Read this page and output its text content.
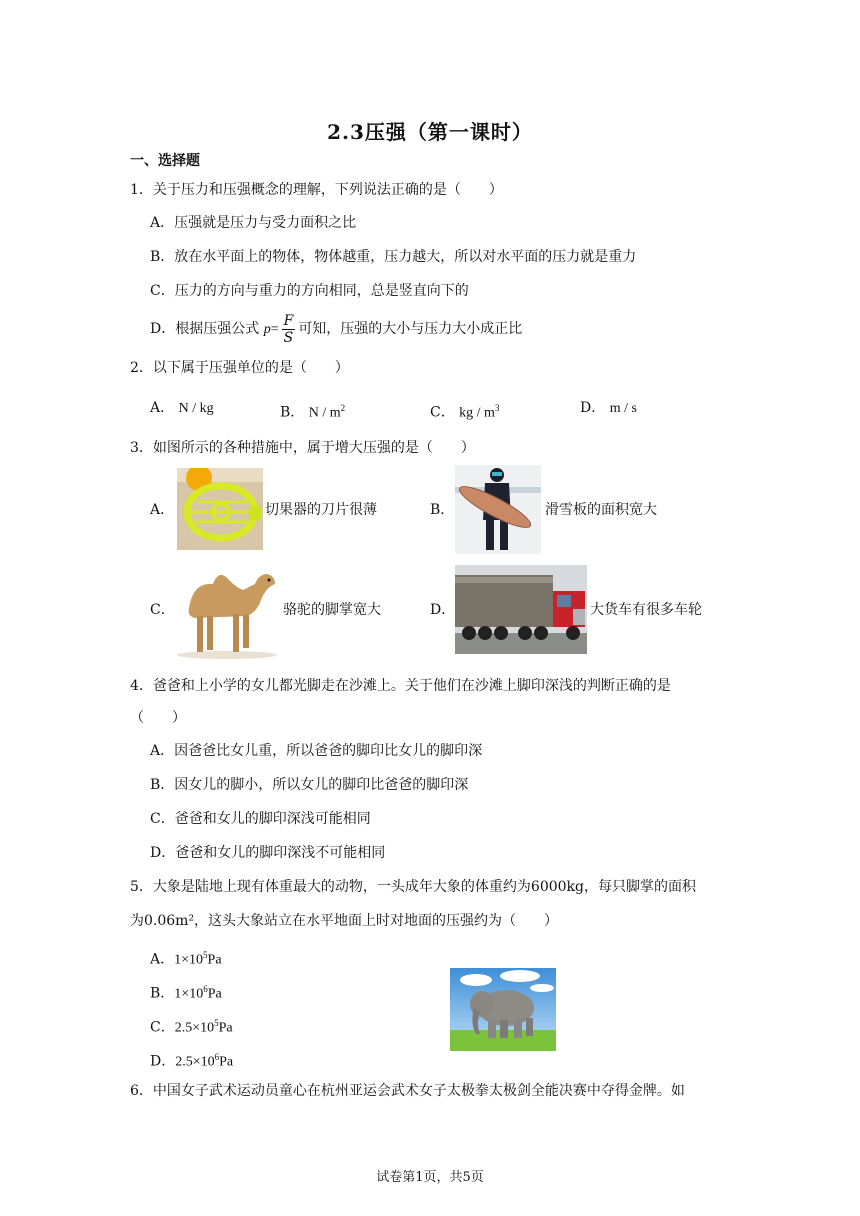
2.3压强（第一课时）
一、选择题
1．关于压力和压强概念的理解，下列说法正确的是（　　）
A．压强就是压力与受力面积之比
B．放在水平面上的物体，物体越重，压力越大，所以对水平面的压力就是重力
C．压力的方向与重力的方向相同，总是竖直向下的
D．根据压强公式 $p= \frac{F}{S}$ 可知，压强的大小与压力大小成正比
2．以下属于压强单位的是（　　）
A． N / kg	B． N / $m^2$	C． kg / $m^3$	D． m / s
3．如图所示的各种措施中，属于增大压强的是（　　）
A．	切果器的刀片很薄	B．	滑雪板的面积宽大
C．	骆驼的脚掌宽大	D．	大货车有很多车轮
4．爸爸和上小学的女儿都光脚走在沙滩上。关于他们在沙滩上脚印深浅的判断正确的是
（　　）
A．因爸爸比女儿重，所以爸爸的脚印比女儿的脚印深
B．因女儿的脚小，所以女儿的脚印比爸爸的脚印深
C．爸爸和女儿的脚印深浅可能相同
D．爸爸和女儿的脚印深浅不可能相同
5．大象是陆地上现有体重最大的动物，一头成年大象的体重约为6000kg，每只脚掌的面积
为0.06m²，这头大象站立在水平地面上时对地面的压强约为（　　）
A．$1\times 10^5Pa$
B．$1\times 10^6Pa$
C．$2.5\times 10^5Pa$
D．$2.5\times 10^6Pa$
6．中国女子武术运动员童心在杭州亚运会武术女子太极拳太极剑全能决赛中夺得金牌。如
试卷第1页，共5页
